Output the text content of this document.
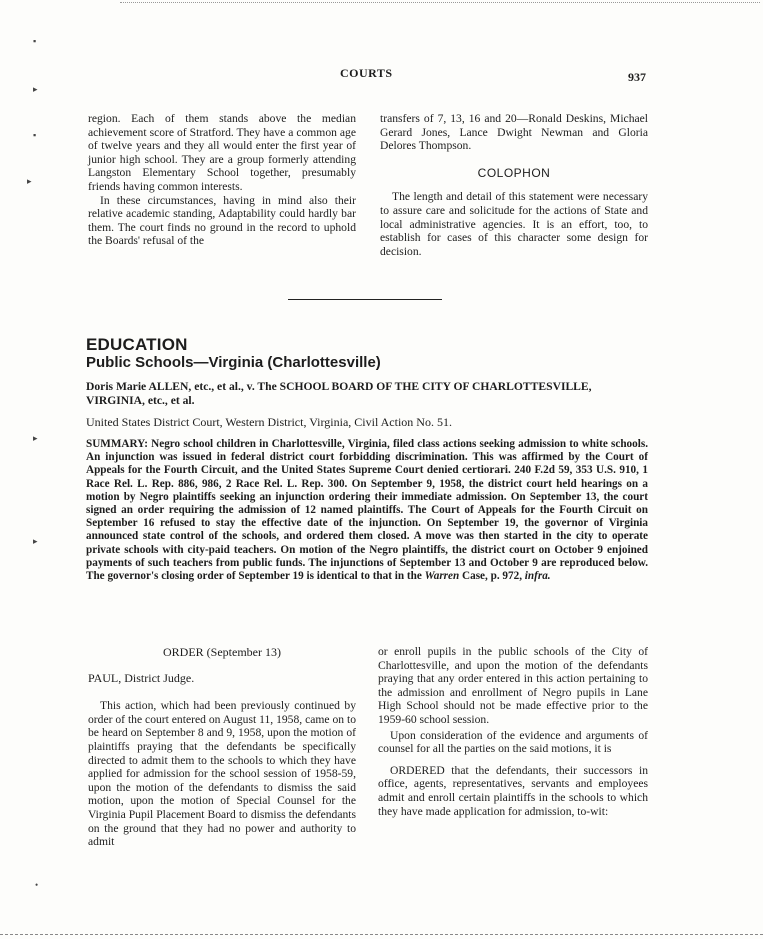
▪
▸
▪
▸
▸
▸
•
COURTS	937

region. Each of them stands above the median achievement score of Stratford. They have a common age of twelve years and they all would enter the first year of junior high school. They are a group formerly attending Langston Elementary School together, presumably friends having common interests.

In these circumstances, having in mind also their relative academic standing, Adaptability could hardly bar them. The court finds no ground in the record to uphold the Boards' refusal of the

transfers of 7, 13, 16 and 20—Ronald Deskins, Michael Gerard Jones, Lance Dwight Newman and Gloria Delores Thompson.

COLOPHON

The length and detail of this statement were necessary to assure care and solicitude for the actions of State and local administrative agencies. It is an effort, too, to establish for cases of this character some design for decision.

EDUCATION
Public Schools—Virginia (Charlottesville)
Doris Marie ALLEN, etc., et al., v. The SCHOOL BOARD OF THE CITY OF CHARLOTTESVILLE, VIRGINIA, etc., et al.
United States District Court, Western District, Virginia, Civil Action No. 51.
SUMMARY: Negro school children in Charlottesville, Virginia, filed class actions seeking admission to white schools. An injunction was issued in federal district court forbidding discrimination. This was affirmed by the Court of Appeals for the Fourth Circuit, and the United States Supreme Court denied certiorari. 240 F.2d 59, 353 U.S. 910, 1 Race Rel. L. Rep. 886, 986, 2 Race Rel. L. Rep. 300. On September 9, 1958, the district court held hearings on a motion by Negro plaintiffs seeking an injunction ordering their immediate admission. On September 13, the court signed an order requiring the admission of 12 named plaintiffs. The Court of Appeals for the Fourth Circuit on September 16 refused to stay the effective date of the injunction. On September 19, the governor of Virginia announced state control of the schools, and ordered them closed. A move was then started in the city to operate private schools with city-paid teachers. On motion of the Negro plaintiffs, the district court on October 9 enjoined payments of such teachers from public funds. The injunctions of September 13 and October 9 are reproduced below. The governor's closing order of September 19 is identical to that in the Warren Case, p. 972, infra.
ORDER (September 13)
PAUL, District Judge.

This action, which had been previously continued by order of the court entered on August 11, 1958, came on to be heard on September 8 and 9, 1958, upon the motion of plaintiffs praying that the defendants be specifically directed to admit them to the schools to which they have applied for admission for the school session of 1958-59, upon the motion of the defendants to dismiss the said motion, upon the motion of Special Counsel for the Virginia Pupil Placement Board to dismiss the defendants on the ground that they had no power and authority to admit

or enroll pupils in the public schools of the City of Charlottesville, and upon the motion of the defendants praying that any order entered in this action pertaining to the admission and enrollment of Negro pupils in Lane High School should not be made effective prior to the 1959-60 school session.

Upon consideration of the evidence and arguments of counsel for all the parties on the said motions, it is

ORDERED that the defendants, their successors in office, agents, representatives, servants and employees admit and enroll certain plaintiffs in the schools to which they have made application for admission, to-wit:
